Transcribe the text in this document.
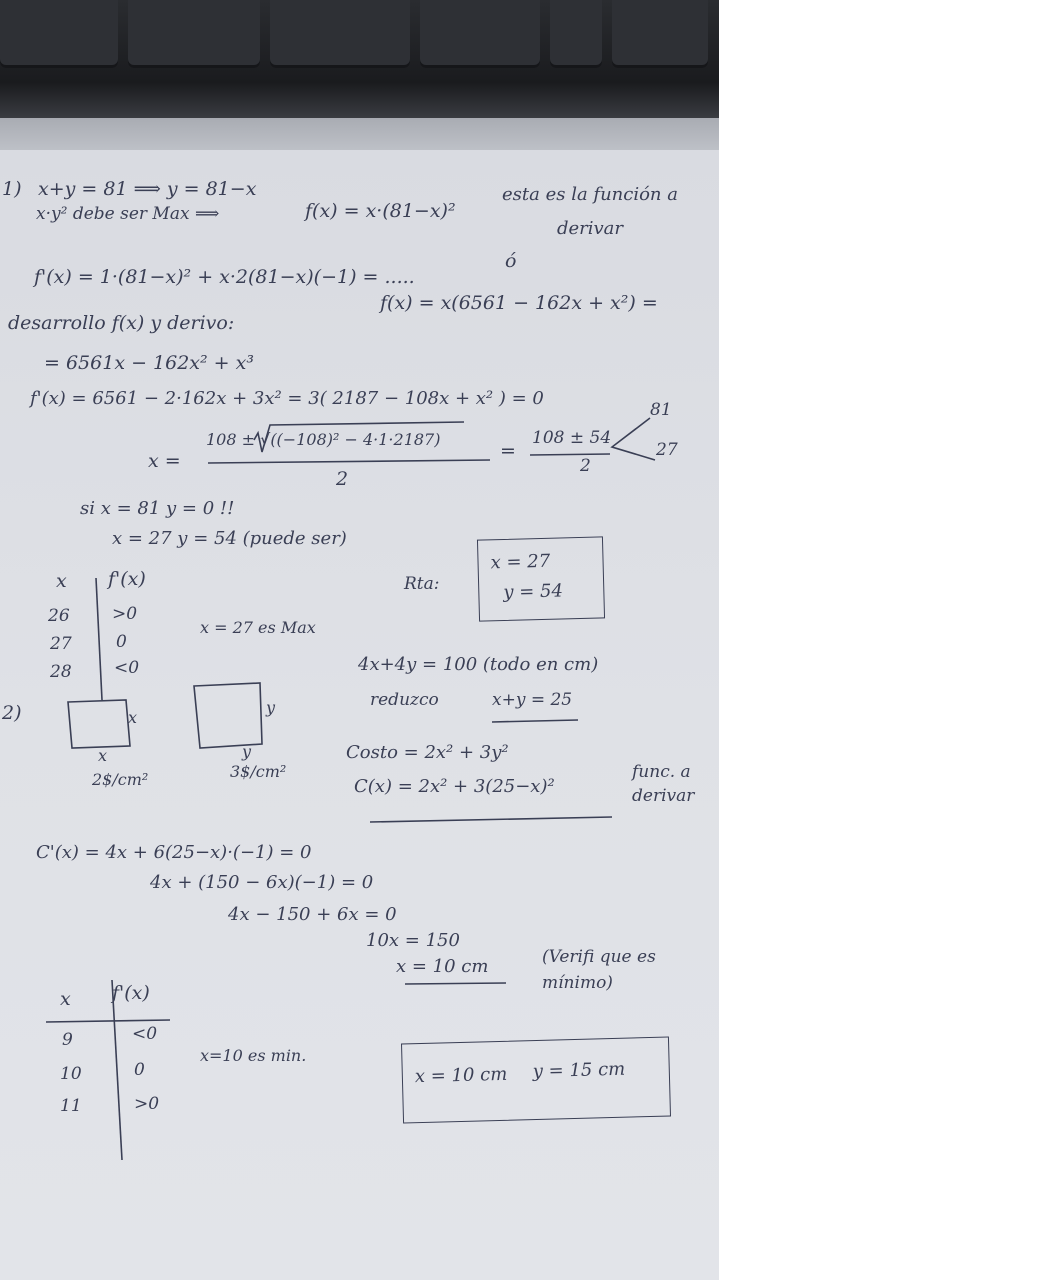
1) x+y = 81 ⟹ y = 81−x
x·y² debe ser Max ⟹	f(x) = x·(81−x)²
esta es la función a derivar
f'(x) = 1·(81−x)² + x·2(81−x)(−1) = .....
ó
desarrollo f(x) y derivo:
f(x) = x(6561 − 162x + x²) =
= 6561x − 162x² + x³
f'(x) = 6561 − 2·162x + 3x² = 3( 2187 − 108x + x² ) = 0
x =
108 ± √((−108)² − 4·1·2187)
2
=
108 ± 54
2
81
27
si x = 81 y = 0 !!
x = 27 y = 54 (puede ser)
x f'(x)
26 >0
27	0
28 <0
x = 27 es Max
Rta:
x = 27
y = 54
2)	x
x
2$/cm²
y
y
3$/cm²
4x+4y = 100 (todo en cm)
reduzco	x+y = 25
Costo = 2x² + 3y²
C(x) = 2x² + 3(25−x)²
func. a derivar
C'(x) = 4x + 6(25−x)·(−1) = 0
4x + (150 − 6x)(−1) = 0
4x − 150 + 6x = 0
10x = 150
x = 10 cm	(Verifi que es mínimo)
x f'(x)
9	<0
10	0
11	>0
x=10 es min.
x = 10 cm y = 15 cm
